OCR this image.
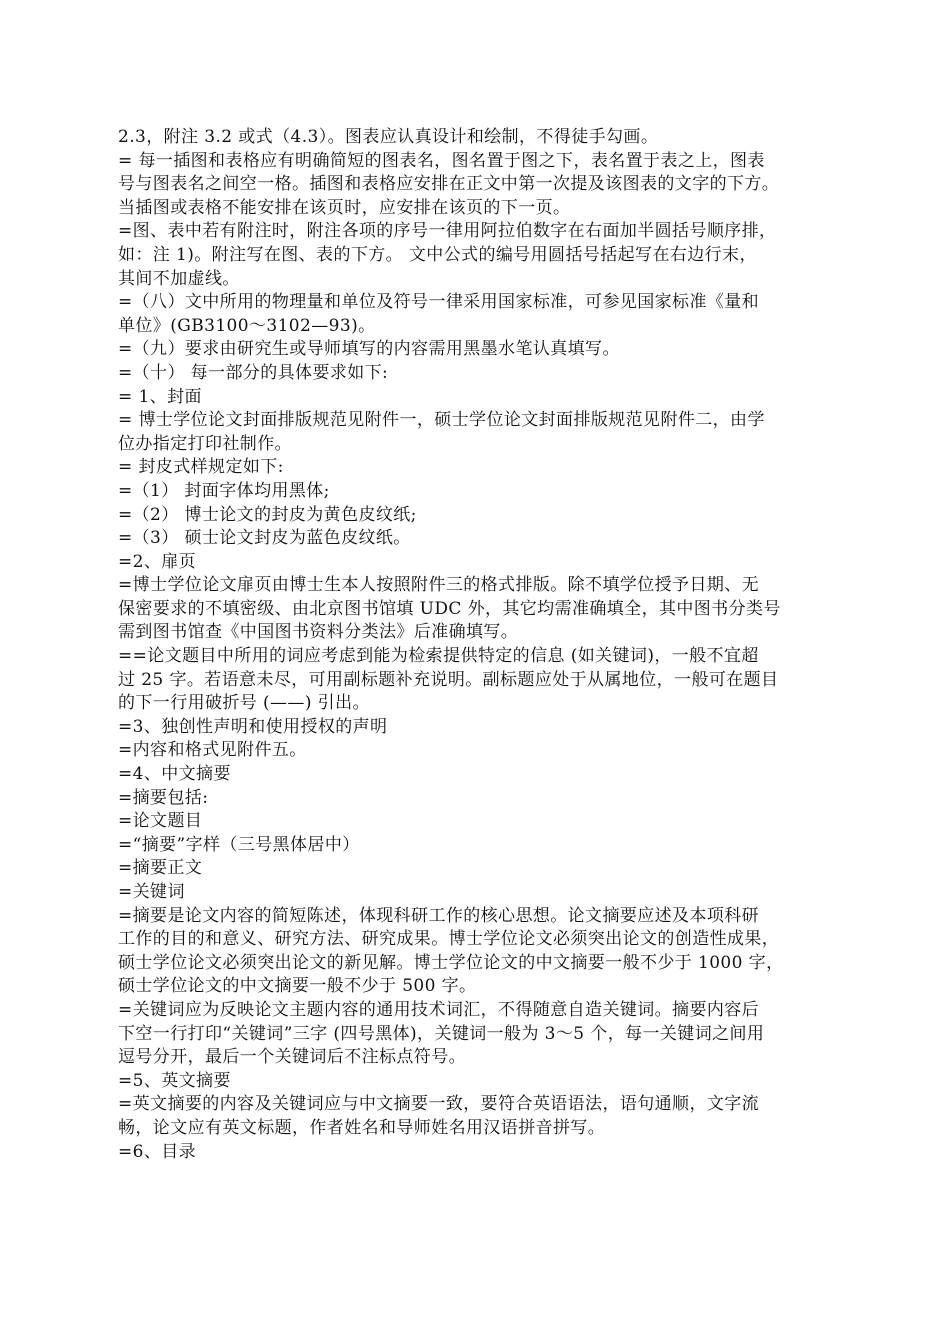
2.3，附注 3.2 或式（4.3）。图表应认真设计和绘制，不得徒手勾画。
= 每一插图和表格应有明确简短的图表名，图名置于图之下，表名置于表之上，图表
号与图表名之间空一格。插图和表格应安排在正文中第一次提及该图表的文字的下方。
当插图或表格不能安排在该页时，应安排在该页的下一页。
=图、表中若有附注时，附注各项的序号一律用阿拉伯数字在右面加半圆括号顺序排，
如：注 1)。附注写在图、表的下方。 文中公式的编号用圆括号括起写在右边行末，
其间不加虚线。
=（八）文中所用的物理量和单位及符号一律采用国家标准，可参见国家标准《量和
单位》(GB3100～3102—93)。
=（九）要求由研究生或导师填写的内容需用黑墨水笔认真填写。
=（十） 每一部分的具体要求如下:
= 1、封面
= 博士学位论文封面排版规范见附件一，硕士学位论文封面排版规范见附件二，由学
位办指定打印社制作。
= 封皮式样规定如下:
=（1） 封面字体均用黑体;
=（2） 博士论文的封皮为黄色皮纹纸;
=（3） 硕士论文封皮为蓝色皮纹纸。
=2、扉页
=博士学位论文扉页由博士生本人按照附件三的格式排版。除不填学位授予日期、无
保密要求的不填密级、由北京图书馆填 UDC 外，其它均需准确填全，其中图书分类号
需到图书馆查《中国图书资料分类法》后准确填写。
==论文题目中所用的词应考虑到能为检索提供特定的信息 (如关键词)，一般不宜超
过 25 字。若语意未尽，可用副标题补充说明。副标题应处于从属地位，一般可在题目
的下一行用破折号 (——) 引出。
=3、独创性声明和使用授权的声明
=内容和格式见附件五。
=4、中文摘要
=摘要包括:
=论文题目
=“摘要”字样（三号黑体居中）
=摘要正文
=关键词
=摘要是论文内容的简短陈述，体现科研工作的核心思想。论文摘要应述及本项科研
工作的目的和意义、研究方法、研究成果。博士学位论文必须突出论文的创造性成果，
硕士学位论文必须突出论文的新见解。博士学位论文的中文摘要一般不少于 1000 字，
硕士学位论文的中文摘要一般不少于 500 字。
=关键词应为反映论文主题内容的通用技术词汇，不得随意自造关键词。摘要内容后
下空一行打印“关键词”三字 (四号黑体)，关键词一般为 3～5 个，每一关键词之间用
逗号分开，最后一个关键词后不注标点符号。
=5、英文摘要
=英文摘要的内容及关键词应与中文摘要一致，要符合英语语法，语句通顺，文字流
畅，论文应有英文标题，作者姓名和导师姓名用汉语拼音拼写。
=6、目录
